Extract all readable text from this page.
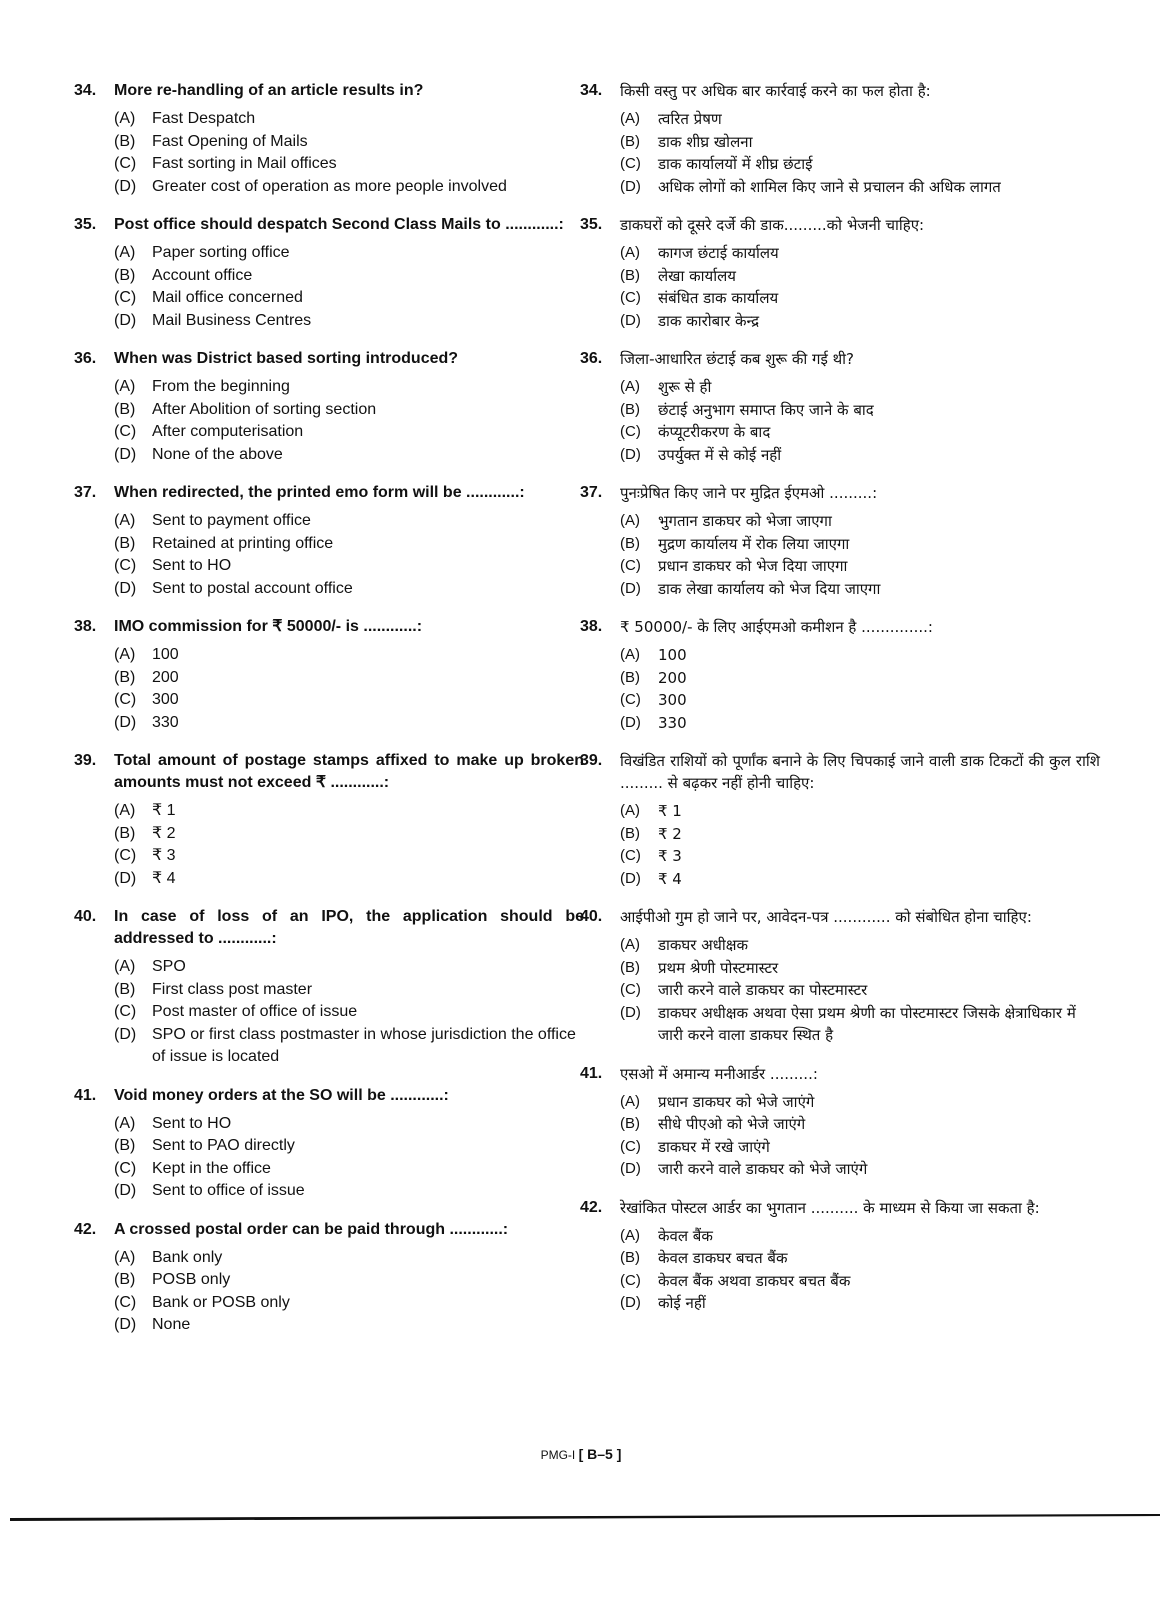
34.	More re-handling of an article results in?
(A)	Fast Despatch
(B)	Fast Opening of Mails
(C) Fast sorting in Mail offices
(D) Greater cost of operation as more people involved
35.	Post office should despatch Second Class Mails to ............:
(A)	Paper sorting office
(B)	Account office
(C) Mail office concerned
(D) Mail Business Centres
36.	When was District based sorting introduced?
(A)	From the beginning
(B)	After Abolition of sorting section
(C) After computerisation
(D) None of the above
37.	When redirected, the printed emo form will be ............:
(A)	Sent to payment office
(B)	Retained at printing office
(C) Sent to HO
(D) Sent to postal account office
38.	IMO commission for ₹ 50000/- is ............:
(A)	100
(B)	200
(C) 300
(D) 330
39.	Total amount of postage stamps affixed to make up broken amounts must not exceed ₹ ............:
(A)	₹ 1
(B)	₹ 2
(C) ₹ 3
(D) ₹ 4
40.	In case of loss of an IPO, the application should be addressed to ............:
(A)	SPO
(B)	First class post master
(C) Post master of office of issue
(D) SPO or first class postmaster in whose jurisdiction the office of issue is located
41.	Void money orders at the SO will be ............:
(A)	Sent to HO
(B)	Sent to PAO directly
(C) Kept in the office
(D) Sent to office of issue
42.	A crossed postal order can be paid through ............:
(A)	Bank only
(B)	POSB only
(C) Bank or POSB only
(D) None
34.	किसी वस्तु पर अधिक बार कार्रवाई करने का फल होता है:
(A)	त्वरित प्रेषण
(B)	डाक शीघ्र खोलना
(C)	डाक कार्यालयों में शीघ्र छंटाई
(D)	अधिक लोगों को शामिल किए जाने से प्रचालन की अधिक लागत
35.	डाकघरों को दूसरे दर्जे की डाक.........को भेजनी चाहिए:
(A)	कागज छंटाई कार्यालय
(B)	लेखा कार्यालय
(C)	संबंधित डाक कार्यालय
(D)	डाक कारोबार केन्द्र
36.	जिला-आधारित छंटाई कब शुरू की गई थी?
(A)	शुरू से ही
(B)	छंटाई अनुभाग समाप्त किए जाने के बाद
(C)	कंप्यूटरीकरण के बाद
(D)	उपर्युक्त में से कोई नहीं
37.	पुनःप्रेषित किए जाने पर मुद्रित ईएमओ .........:
(A)	भुगतान डाकघर को भेजा जाएगा
(B)	मुद्रण कार्यालय में रोक लिया जाएगा
(C)	प्रधान डाकघर को भेज दिया जाएगा
(D)	डाक लेखा कार्यालय को भेज दिया जाएगा
38.	₹ 50000/- के लिए आईएमओ कमीशन है ..............:
(A)	100
(B)	200
(C)	300
(D)	330
39.	विखंडित राशियों को पूर्णांक बनाने के लिए चिपकाई जाने वाली डाक टिकटों की कुल राशि ......... से बढ़कर नहीं होनी चाहिए:
(A)	₹ 1
(B)	₹ 2
(C)	₹ 3
(D)	₹ 4
40.	आईपीओ गुम हो जाने पर, आवेदन-पत्र ............ को संबोधित होना चाहिए:
(A)	डाकघर अधीक्षक
(B)	प्रथम श्रेणी पोस्टमास्टर
(C)	जारी करने वाले डाकघर का पोस्टमास्टर
(D)	डाकघर अधीक्षक अथवा ऐसा प्रथम श्रेणी का पोस्टमास्टर जिसके क्षेत्राधिकार में जारी करने वाला डाकघर स्थित है
41.	एसओ में अमान्य मनीआर्डर .........:
(A)	प्रधान डाकघर को भेजे जाएंगे
(B)	सीधे पीएओ को भेजे जाएंगे
(C)	डाकघर में रखे जाएंगे
(D)	जारी करने वाले डाकघर को भेजे जाएंगे
42.	रेखांकित पोस्टल आर्डर का भुगतान .......... के माध्यम से किया जा सकता है:
(A)	केवल बैंक
(B)	केवल डाकघर बचत बैंक
(C)	केवल बैंक अथवा डाकघर बचत बैंक
(D)	कोई नहीं
PMG-I [ B–5 ]
